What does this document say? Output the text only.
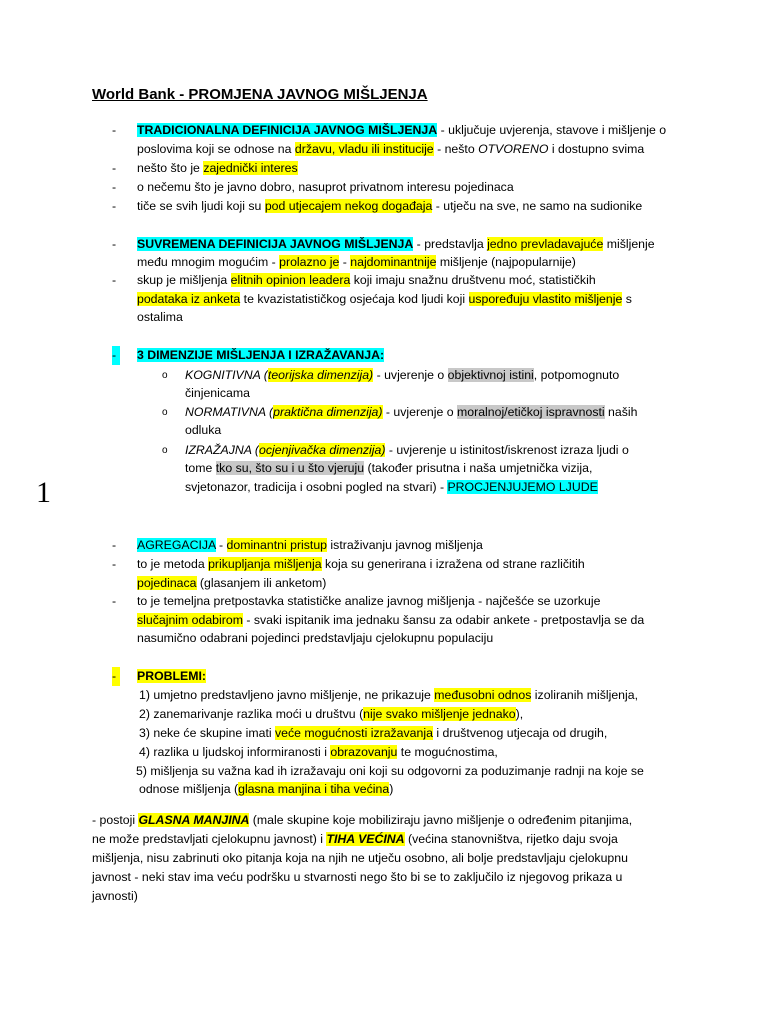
World Bank - PROMJENA JAVNOG MIŠLJENJA
-	TRADICIONALNA DEFINICIJA JAVNOG MIŠLJENJA - uključuje uvjerenja, stavove i mišljenje o
poslovima koji se odnose na državu, vladu ili institucije - nešto OTVORENO i dostupno svima
-	nešto što je zajednički interes
-	o nečemu što je javno dobro, nasuprot privatnom interesu pojedinaca
-	tiče se svih ljudi koji su pod utjecajem nekog događaja - utječu na sve, ne samo na sudionike
-	SUVREMENA DEFINICIJA JAVNOG MIŠLJENJA - predstavlja jedno prevladavajuće mišljenje
među mnogim mogućim - prolazno je - najdominantnije mišljenje (najpopularnije)
-	skup je mišljenja elitnih opinion leadera koji imaju snažnu društvenu moć, statističkih
podataka iz anketa te kvazistatističkog osjećaja kod ljudi koji uspoređuju vlastito mišljenje s
ostalima
-	3 DIMENZIJE MIŠLJENJA I IZRAŽAVANJA:
o KOGNITIVNA (teorijska dimenzija) - uvjerenje o objektivnoj istini, potpomognuto
činjenicama
o NORMATIVNA (praktična dimenzija) - uvjerenje o moralnoj/etičkoj ispravnosti naših
odluka
o IZRAŽAJNA (ocjenjivačka dimenzija) - uvjerenje u istinitost/iskrenost izraza ljudi o
tome tko su, što su i u što vjeruju (također prisutna i naša umjetnička vizija,
svjetonazor, tradicija i osobni pogled na stvari) - PROCJENJUJEMO LJUDE
1
-	AGREGACIJA - dominantni pristup istraživanju javnog mišljenja
-	to je metoda prikupljanja mišljenja koja su generirana i izražena od strane različitih
pojedinaca (glasanjem ili anketom)
-	to je temeljna pretpostavka statističke analize javnog mišljenja - najčešće se uzorkuje
slučajnim odabirom - svaki ispitanik ima jednaku šansu za odabir ankete - pretpostavlja se da
nasumično odabrani pojedinci predstavljaju cjelokupnu populaciju
-	PROBLEMI:
1) umjetno predstavljeno javno mišljenje, ne prikazuje međusobni odnos izoliranih mišljenja,
2) zanemarivanje razlika moći u društvu (nije svako mišljenje jednako),
3) neke će skupine imati veće mogućnosti izražavanja i društvenog utjecaja od drugih,
4) razlika u ljudskoj informiranosti i obrazovanju te mogućnostima,
5) mišljenja su važna kad ih izražavaju oni koji su odgovorni za poduzimanje radnji na koje se
odnose mišljenja (glasna manjina i tiha većina)
- postoji GLASNA MANJINA (male skupine koje mobiliziraju javno mišljenje o određenim pitanjima,
ne može predstavljati cjelokupnu javnost) i TIHA VEĆINA (većina stanovništva, rijetko daju svoja
mišljenja, nisu zabrinuti oko pitanja koja na njih ne utječu osobno, ali bolje predstavljaju cjelokupnu
javnost - neki stav ima veću podršku u stvarnosti nego što bi se to zaključilo iz njegovog prikaza u
javnosti)
